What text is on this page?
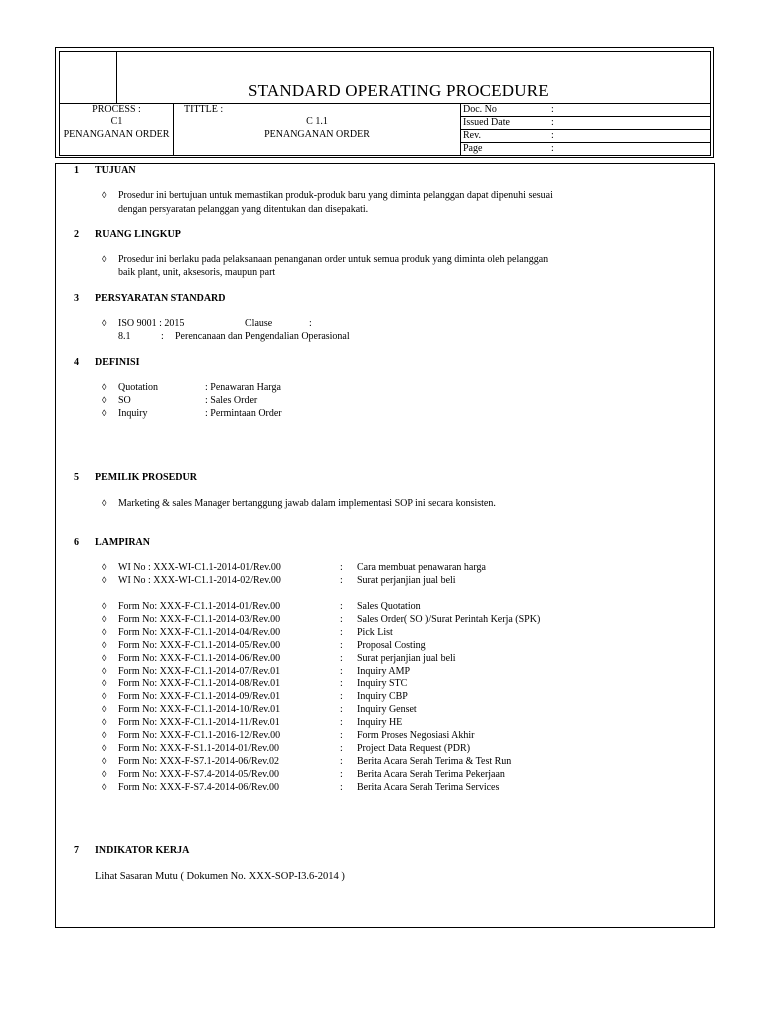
STANDARD OPERATING PROCEDURE
PROCESS :
C1
PENANGANAN ORDER
TITTLE :
C 1.1
PENANGANAN ORDER
Doc. No	:
Issued Date	:
Rev.	:
Page	:
1 TUJUAN
◊ Prosedur ini bertujuan untuk memastikan produk-produk baru yang diminta pelanggan dapat dipenuhi sesuai
dengan persyaratan pelanggan yang ditentukan dan disepakati.
2 RUANG LINGKUP
◊ Prosedur ini berlaku pada pelaksanaan penanganan order untuk semua produk yang diminta oleh pelanggan
baik plant, unit, aksesoris, maupun part
3 PERSYARATAN STANDARD
◊ ISO 9001 : 2015	Clause	:
8.1	: Perencanaan dan Pengendalian Operasional
4 DEFINISI
◊ Quotation	: Penawaran Harga
◊ SO	: Sales Order
◊ Inquiry	: Permintaan Order
5 PEMILIK PROSEDUR
◊ Marketing & sales Manager bertanggung jawab dalam implementasi SOP ini secara konsisten.
6 LAMPIRAN
◊ WI No : XXX-WI-C1.1-2014-01/Rev.00	: Cara membuat penawaran harga
◊ WI No : XXX-WI-C1.1-2014-02/Rev.00	: Surat perjanjian jual beli
◊ Form No: XXX-F-C1.1-2014-01/Rev.00	: Sales Quotation
◊ Form No: XXX-F-C1.1-2014-03/Rev.00	: Sales Order( SO )/Surat Perintah Kerja (SPK)
◊ Form No: XXX-F-C1.1-2014-04/Rev.00	: Pick List
◊ Form No: XXX-F-C1.1-2014-05/Rev.00	: Proposal Costing
◊ Form No: XXX-F-C1.1-2014-06/Rev.00	: Surat perjanjian jual beli
◊ Form No: XXX-F-C1.1-2014-07/Rev.01	: Inquiry AMP
◊ Form No: XXX-F-C1.1-2014-08/Rev.01	: Inquiry STC
◊ Form No: XXX-F-C1.1-2014-09/Rev.01	: Inquiry CBP
◊ Form No: XXX-F-C1.1-2014-10/Rev.01	: Inquiry Genset
◊ Form No: XXX-F-C1.1-2014-11/Rev.01	: Inquiry HE
◊ Form No: XXX-F-C1.1-2016-12/Rev.00	: Form Proses Negosiasi Akhir
◊ Form No: XXX-F-S1.1-2014-01/Rev.00	: Project Data Request (PDR)
◊ Form No: XXX-F-S7.1-2014-06/Rev.02	: Berita Acara Serah Terima & Test Run
◊ Form No: XXX-F-S7.4-2014-05/Rev.00	: Berita Acara Serah Terima Pekerjaan
◊ Form No: XXX-F-S7.4-2014-06/Rev.00	: Berita Acara Serah Terima Services
7 INDIKATOR KERJA
Lihat Sasaran Mutu ( Dokumen No. XXX-SOP-I3.6-2014 )
